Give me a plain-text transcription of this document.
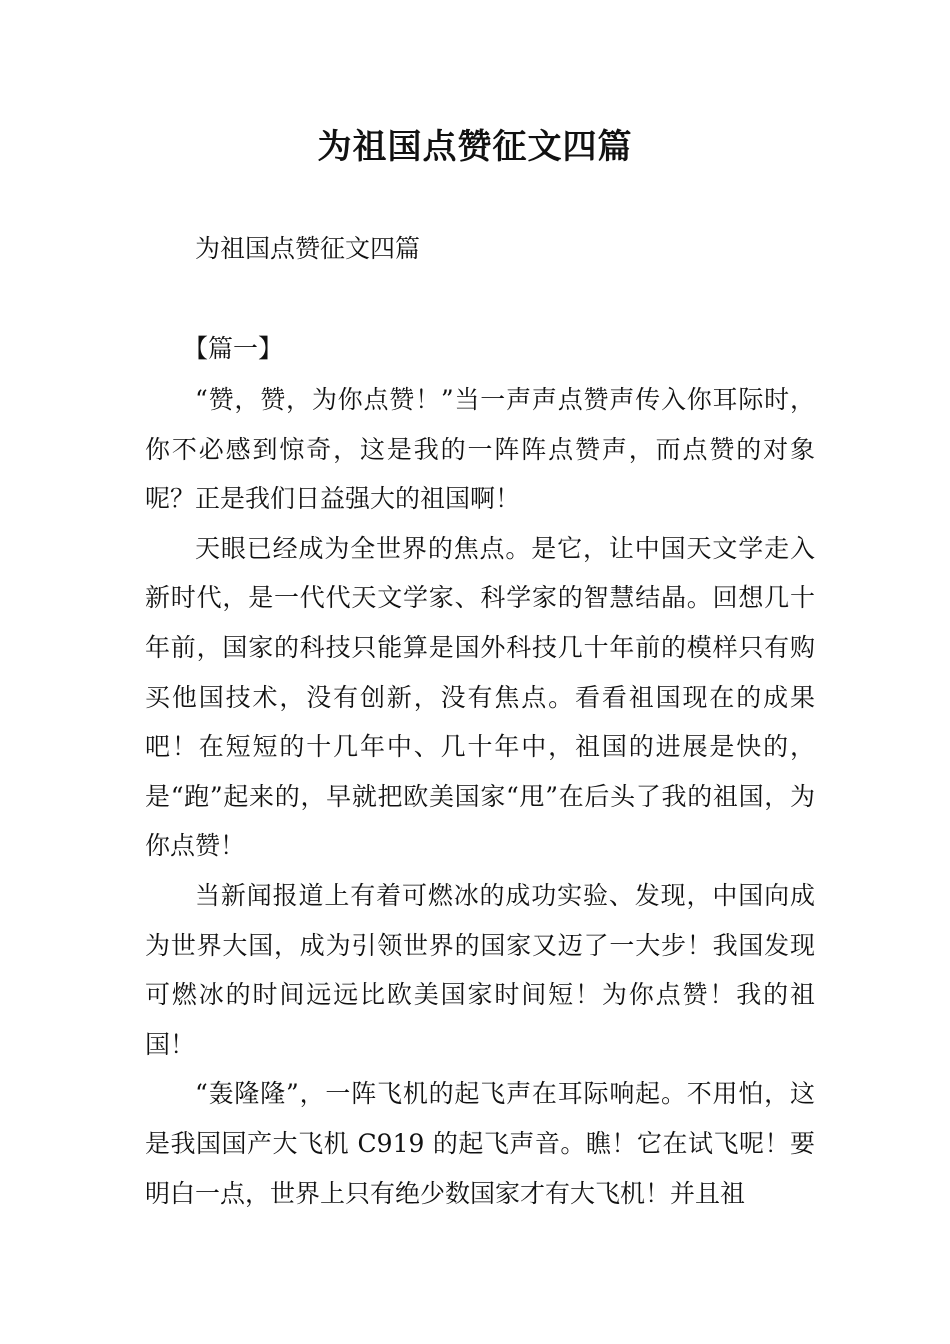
为祖国点赞征文四篇

为祖国点赞征文四篇

【篇一】

“赞，赞，为你点赞！”当一声声点赞声传入你耳际时，你不必感到惊奇，这是我的一阵阵点赞声，而点赞的对象呢？正是我们日益强大的祖国啊！

天眼已经成为全世界的焦点。是它，让中国天文学走入新时代，是一代代天文学家、科学家的智慧结晶。回想几十年前，国家的科技只能算是国外科技几十年前的模样只有购买他国技术，没有创新，没有焦点。看看祖国现在的成果吧！在短短的十几年中、几十年中，祖国的进展是快的，是“跑”起来的，早就把欧美国家“甩”在后头了我的祖国，为你点赞！

当新闻报道上有着可燃冰的成功实验、发现，中国向成为世界大国，成为引领世界的国家又迈了一大步！我国发现可燃冰的时间远远比欧美国家时间短！为你点赞！我的祖国！

“轰隆隆”，一阵飞机的起飞声在耳际响起。不用怕，这是我国国产大飞机 C919 的起飞声音。瞧！它在试飞呢！要明白一点，世界上只有绝少数国家才有大飞机！并且祖
